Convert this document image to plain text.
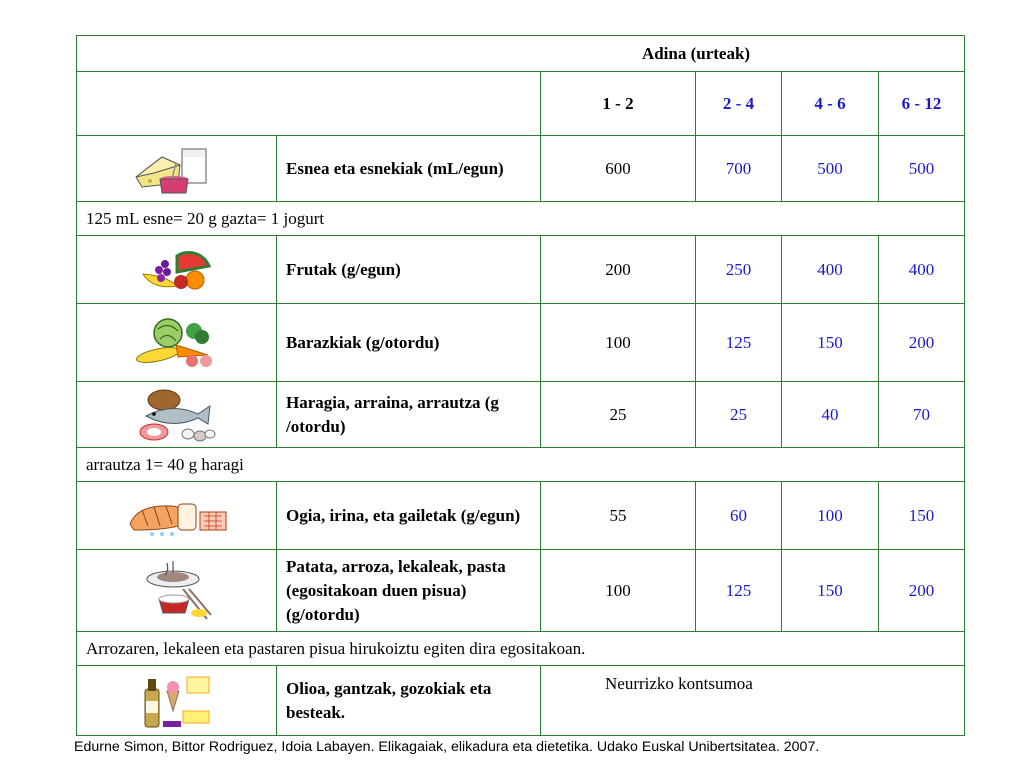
Adina (urteak)					
		1 - 2	2 - 4	4 - 6	6 - 12

	Esnea eta esnekiak (mL/egun)	600	700	500	500
125 mL esne= 20 g gazta= 1 jogurt					

	Frutak (g/egun)	200	250	400	400

	Barazkiak (g/otordu)	100	125	150	200

	Haragia, arraina, arrautza (g /otordu)	25	25	40	70
arrautza 1= 40 g haragi					

	Ogia, irina, eta gailetak (g/egun)	55	60	100	150

	Patata, arroza, lekaleak, pasta (egositakoan duen pisua) (g/otordu)	100	125	150	200
Arrozaren, lekaleen eta pastaren pisua hirukoiztu egiten dira egositakoan.					

	Olioa, gantzak, gozokiak eta besteak.	Neurrizko kontsumoa			
Edurne Simon, Bittor Rodriguez, Idoia Labayen. Elikagaiak, elikadura eta dietetika. Udako Euskal Unibertsitatea. 2007.
